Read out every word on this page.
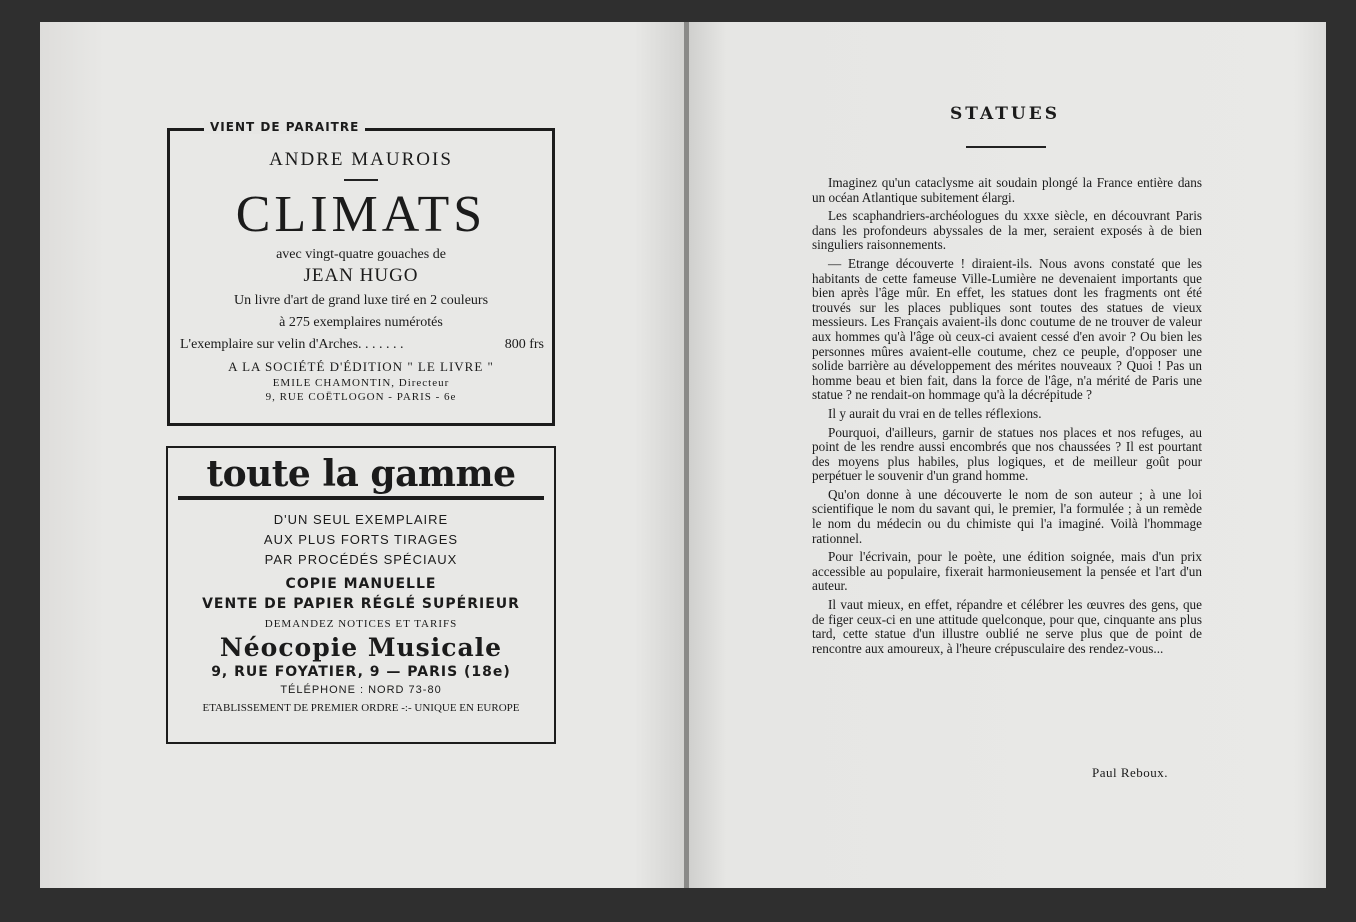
VIENT DE PARAITRE
ANDRE MAUROIS
CLIMATS
avec vingt-quatre gouaches de
JEAN HUGO
Un livre d'art de grand luxe tiré en 2 couleurs
à 275 exemplaires numérotés
L'exemplaire sur velin d'Arches. . . . . . .	800 frs
A LA SOCIÉTÉ D'ÉDITION " LE LIVRE "
EMILE CHAMONTIN, Directeur
9, RUE COËTLOGON - PARIS - 6e
toute la gamme
D'UN SEUL EXEMPLAIRE
AUX PLUS FORTS TIRAGES
PAR PROCÉDÉS SPÉCIAUX
COPIE MANUELLE
VENTE DE PAPIER RÉGLÉ SUPÉRIEUR
DEMANDEZ NOTICES ET TARIFS
Néocopie Musicale
9, RUE FOYATIER, 9 — PARIS (18e)
TÉLÉPHONE : NORD 73-80
ETABLISSEMENT DE PREMIER ORDRE -:- UNIQUE EN EUROPE
STATUES

Imaginez qu'un cataclysme ait soudain plongé la France entière dans un océan Atlantique subitement élargi.

Les scaphandriers-archéologues du xxxe siècle, en découvrant Paris dans les profondeurs abyssales de la mer, seraient exposés à de bien singuliers raisonnements.

— Etrange découverte ! diraient-ils. Nous avons constaté que les habitants de cette fameuse Ville-Lumière ne devenaient importants que bien après l'âge mûr. En effet, les statues dont les fragments ont été trouvés sur les places publiques sont toutes des statues de vieux messieurs. Les Français avaient-ils donc coutume de ne trouver de valeur aux hommes qu'à l'âge où ceux-ci avaient cessé d'en avoir ? Ou bien les personnes mûres avaient-elle coutume, chez ce peuple, d'opposer une solide barrière au développement des mérites nouveaux ? Quoi ! Pas un homme beau et bien fait, dans la force de l'âge, n'a mérité de Paris une statue ? ne rendait-on hommage qu'à la décrépitude ?

Il y aurait du vrai en de telles réflexions.

Pourquoi, d'ailleurs, garnir de statues nos places et nos refuges, au point de les rendre aussi encombrés que nos chaussées ? Il est pourtant des moyens plus habiles, plus logiques, et de meilleur goût pour perpétuer le souvenir d'un grand homme.

Qu'on donne à une découverte le nom de son auteur ; à une loi scientifique le nom du savant qui, le premier, l'a formulée ; à un remède le nom du médecin ou du chimiste qui l'a imaginé. Voilà l'hommage rationnel.

Pour l'écrivain, pour le poète, une édition soignée, mais d'un prix accessible au populaire, fixerait harmonieusement la pensée et l'art d'un auteur.

Il vaut mieux, en effet, répandre et célébrer les œuvres des gens, que de figer ceux-ci en une attitude quelconque, pour que, cinquante ans plus tard, cette statue d'un illustre oublié ne serve plus que de point de rencontre aux amoureux, à l'heure crépusculaire des rendez-vous...

Paul Reboux.
